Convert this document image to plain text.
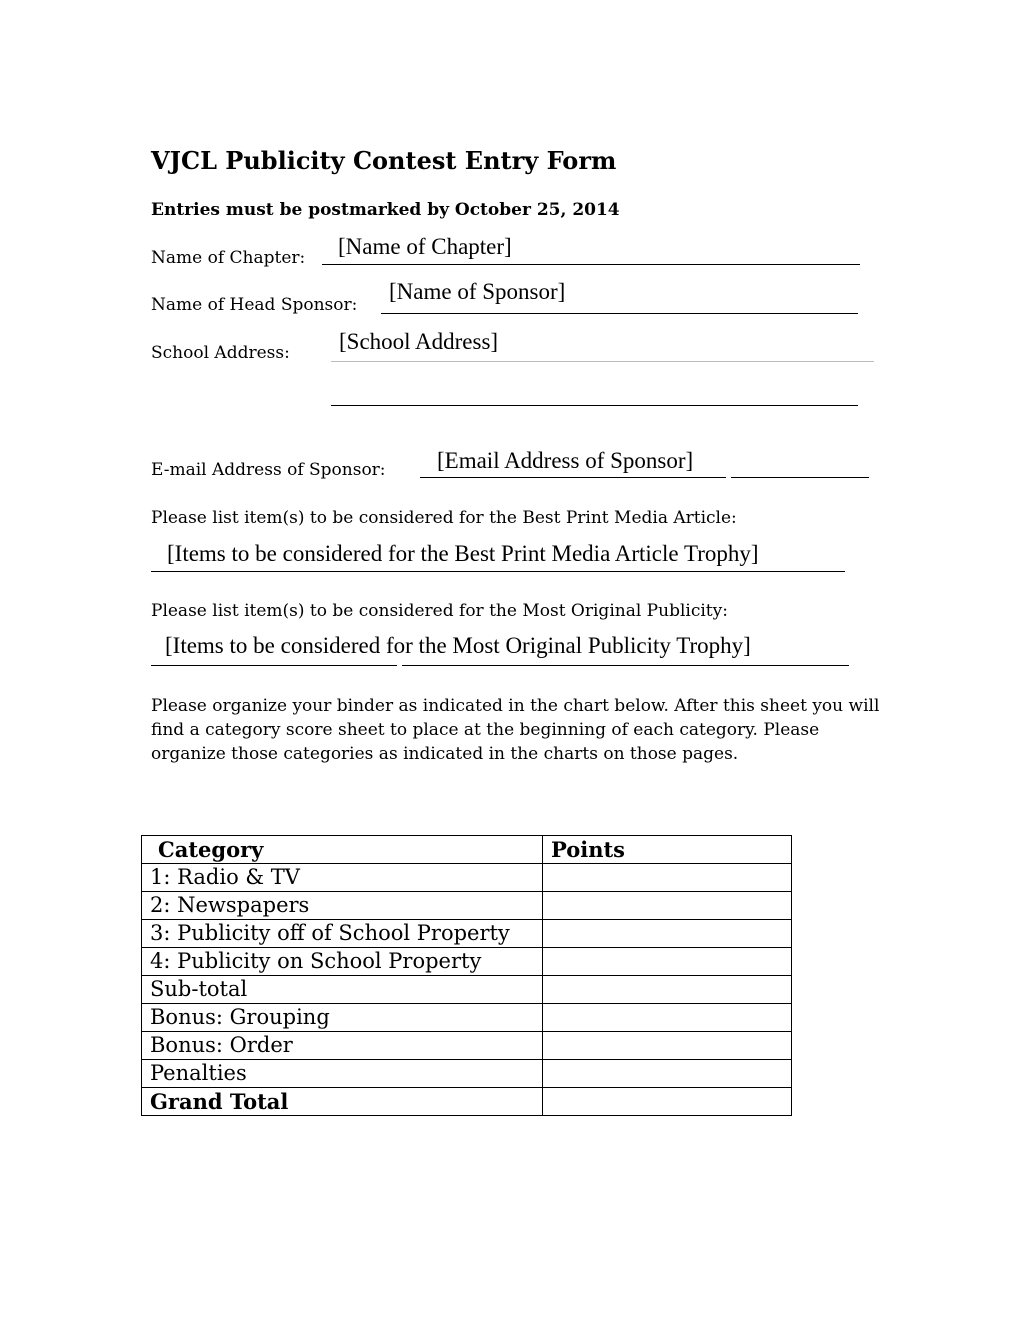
VJCL Publicity Contest Entry Form
Entries must be postmarked by October 25, 2014
Name of Chapter: [Name of Chapter]
Name of Head Sponsor:
[Name of Sponsor]
School Address: [School Address]
E-mail Address of Sponsor: [Email Address of Sponsor]
Please list item(s) to be considered for the Best Print Media Article:
[Items to be considered for the Best Print Media Article Trophy]
Please list item(s) to be considered for the Most Original Publicity:
[Items to be considered for the Most Original Publicity Trophy]
Please organize your binder as indicated in the chart below. After this sheet you will find a category score sheet to place at the beginning of each category. Please organize those categories as indicated in the charts on those pages.
Category	Points
1: Radio & TV	
2: Newspapers	
3: Publicity off of School Property	
4: Publicity on School Property	
Sub-total	
Bonus: Grouping	
Bonus: Order	
Penalties	
Grand Total	
